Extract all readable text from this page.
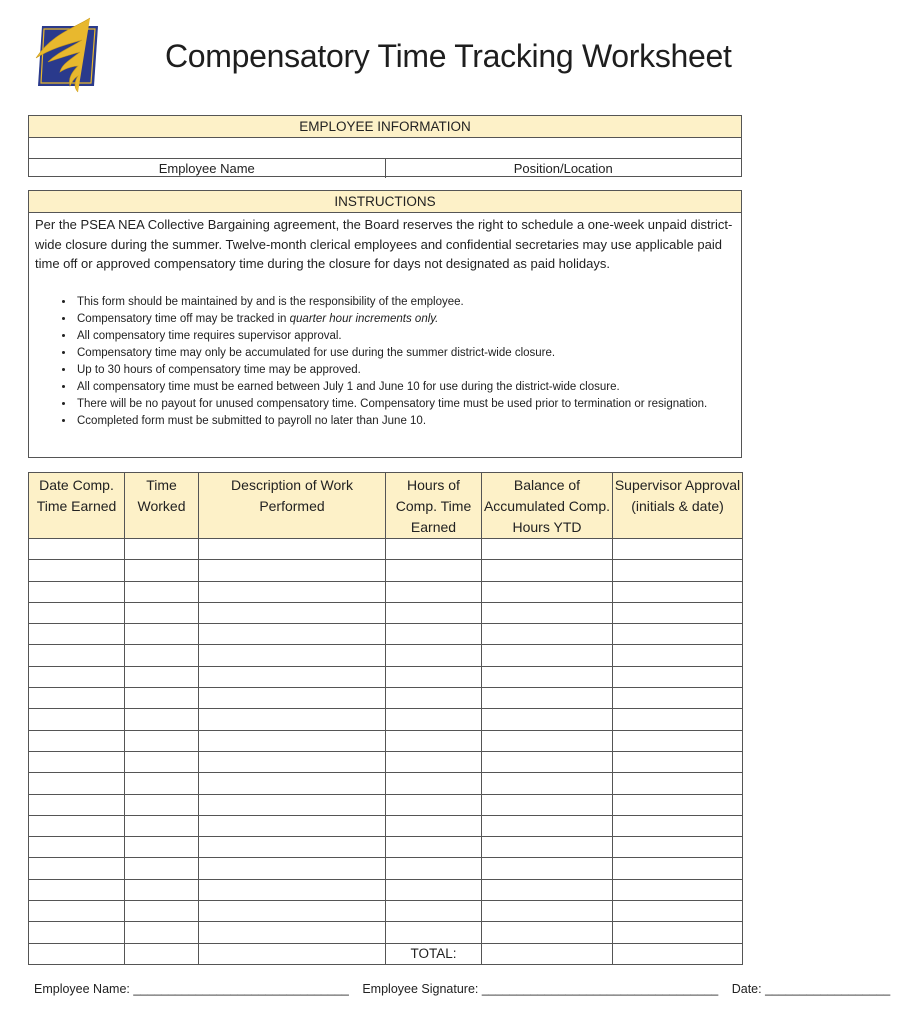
Compensatory Time Tracking Worksheet
EMPLOYEE INFORMATION
Employee Name	Position/Location
INSTRUCTIONS
Per the PSEA NEA Collective Bargaining agreement, the Board reserves the right to schedule a one-week unpaid district-wide closure during the summer. Twelve-month clerical employees and confidential secretaries may use applicable paid time off or approved compensatory time during the closure for days not designated as paid holidays.
• This form should be maintained by and is the responsibility of the employee.
• Compensatory time off may be tracked in quarter hour increments only.
• All compensatory time requires supervisor approval.
• Compensatory time may only be accumulated for use during the summer district-wide closure.
• Up to 30 hours of compensatory time may be approved.
• All compensatory time must be earned between July 1 and June 10 for use during the district-wide closure.
• There will be no payout for unused compensatory time. Compensatory time must be used prior to termination or resignation.
• Ccompleted form must be submitted to payroll no later than June 10.
Date Comp. Time Earned	Time Worked	Description of Work Performed	Hours of Comp. Time Earned	Balance of Accumulated Comp. Hours YTD	Supervisor Approval (initials & date)

			TOTAL:		
Employee Name: _______________________________ Employee Signature: __________________________________ Date: __________________
